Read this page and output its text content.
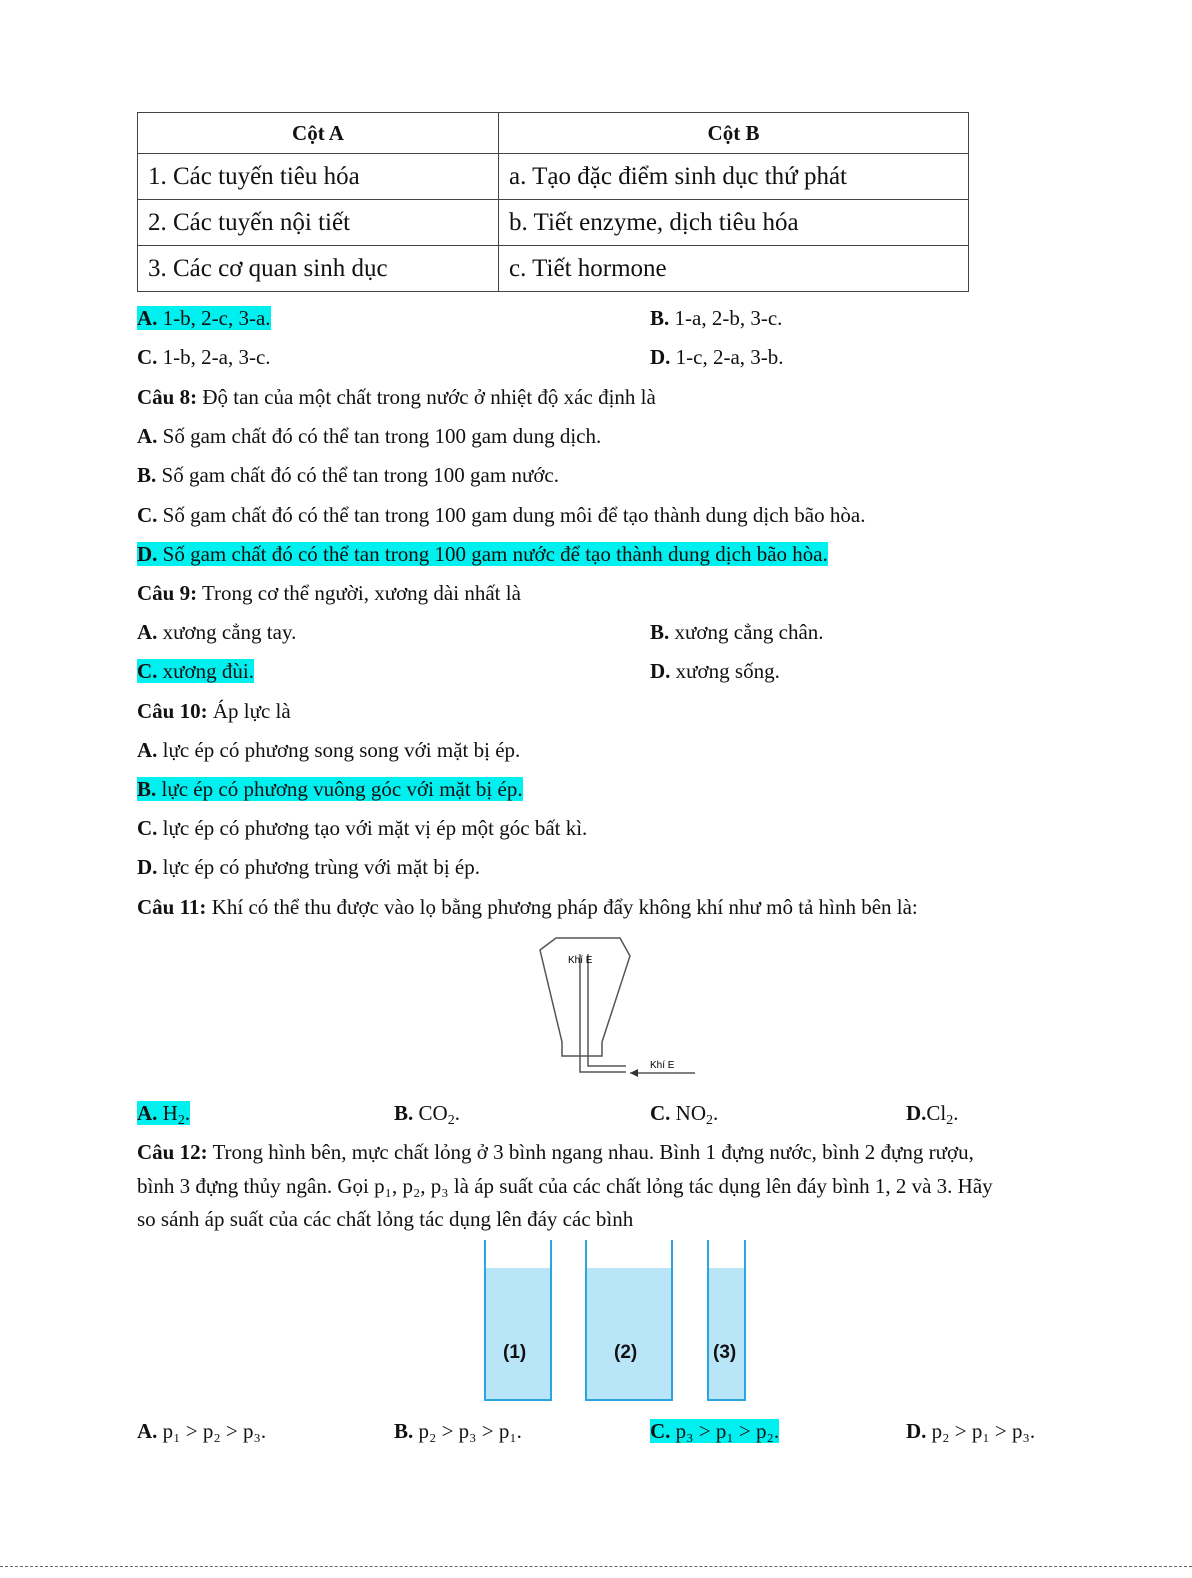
Cột A	Cột B
1. Các tuyến tiêu hóa	a. Tạo đặc điểm sinh dục thứ phát
2. Các tuyến nội tiết	b. Tiết enzyme, dịch tiêu hóa
3. Các cơ quan sinh dục	c. Tiết hormone
A. 1-b, 2-c, 3-a.	B. 1-a, 2-b, 3-c.
C. 1-b, 2-a, 3-c.	D. 1-c, 2-a, 3-b.
Câu 8: Độ tan của một chất trong nước ở nhiệt độ xác định là
A. Số gam chất đó có thể tan trong 100 gam dung dịch.
B. Số gam chất đó có thể tan trong 100 gam nước.
C. Số gam chất đó có thể tan trong 100 gam dung môi để tạo thành dung dịch bão hòa.
D. Số gam chất đó có thể tan trong 100 gam nước để tạo thành dung dịch bão hòa.
Câu 9: Trong cơ thể người, xương dài nhất là
A. xương cẳng tay.	B. xương cẳng chân.
C. xương đùi.	D. xương sống.
Câu 10: Áp lực là
A. lực ép có phương song song với mặt bị ép.
B. lực ép có phương vuông góc với mặt bị ép.
C. lực ép có phương tạo với mặt vị ép một góc bất kì.
D. lực ép có phương trùng với mặt bị ép.
Câu 11: Khí có thể thu được vào lọ bằng phương pháp đẩy không khí như mô tả hình bên là:
Khí E
Khí E
A. $H_2$.	B. $CO_2$.	C. $NO_2$.	$D.Cl_2$.
Câu 12: Trong hình bên, mực chất lỏng ở 3 bình ngang nhau. Bình 1 đựng nước, bình 2 đựng rượu,
bình 3 đựng thủy ngân. Gọi p₁, p₂, p₃ là áp suất của các chất lỏng tác dụng lên đáy bình 1, 2 và 3. Hãy
so sánh áp suất của các chất lỏng tác dụng lên đáy các bình
(1)	(2)	(3)
A. p₁ > p₂ > p₃.	B. p₂ > p₃ > p₁.	C. p₃ > p₁ > p₂.	D. p₂ > p₁ > p₃.
